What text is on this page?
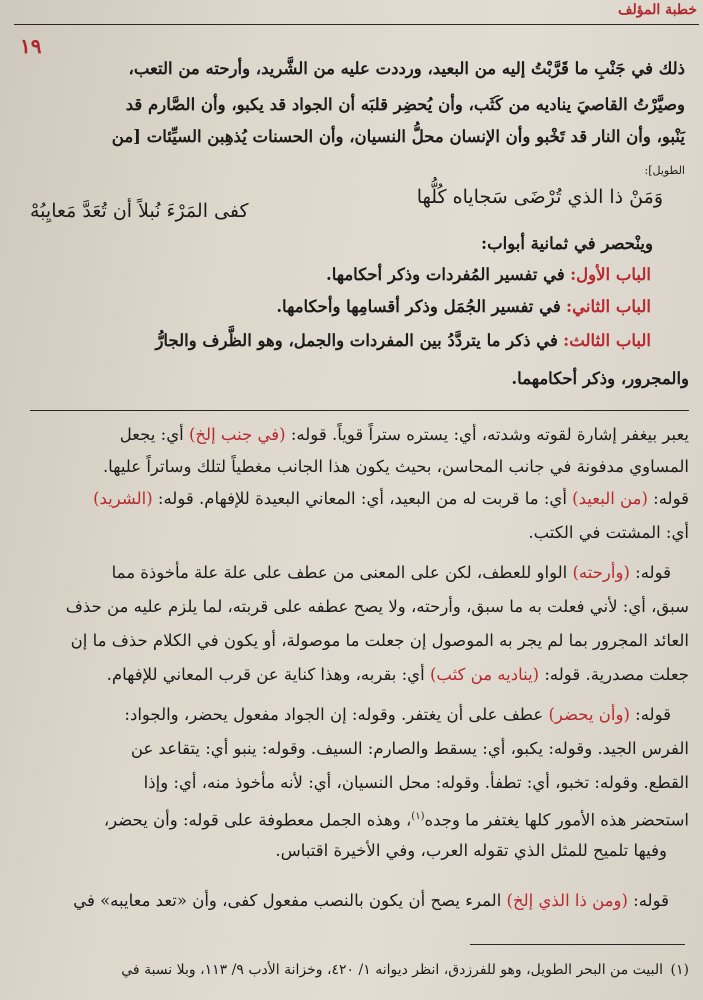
خطبة المؤلف
١٩
ذلك في جَنْبِ ما قَرَّبْتُ إليه من البعيد، ورددت عليه من الشَّريد، وأرحته من التعب،
وصيَّرْتُ القاصيَ يناديه من كَثَب، وأن يُحضِر قلبَه أن الجواد قد يكبو، وأن الصَّارم قد
يَنْبو، وأن النار قد تَخْبو وأن الإنسان محلُّ النسيان، وأن الحسنات يُذهِبن السيِّئات [من
الطويل]:
وَمَنْ ذا الذي تُرْضَى سَجاياه كُلُّها
كفى المَرْءَ نُبلاً أن تُعَدَّ مَعايِبُهْ
وينْحصر في ثمانية أبواب:
الباب الأول: في تفسير المُفردات وذكر أحكامها.
الباب الثاني: في تفسير الجُمَل وذكر أقسامِها وأحكامها.
الباب الثالث: في ذكر ما يتردَّدُ بين المفردات والجمل، وهو الظَّرف والجارُّ
والمجرور، وذكر أحكامهما.
يعبر بيغفر إشارة لقوته وشدته، أي: يستره ستراً قوياً. قوله: (في جنب إلخ) أي: يجعل
المساوي مدفونة في جانب المحاسن، بحيث يكون هذا الجانب مغطياً لتلك وساتراً عليها.
قوله: (من البعيد) أي: ما قربت له من البعيد، أي: المعاني البعيدة للإفهام. قوله: (الشريد)
أي: المشتت في الكتب.
قوله: (وأرحته) الواو للعطف، لكن على المعنى من عطف على علة علة مأخوذة مما
سبق، أي: لأني فعلت به ما سبق، وأرحته، ولا يصح عطفه على قربته، لما يلزم عليه من حذف
العائد المجرور بما لم يجر به الموصول إن جعلت ما موصولة، أو يكون في الكلام حذف ما إن
جعلت مصدرية. قوله: (يناديه من كثب) أي: بقربه، وهذا كناية عن قرب المعاني للإفهام.
قوله: (وأن يحضر) عطف على أن يغتفر. وقوله: إن الجواد مفعول يحضر، والجواد:
الفرس الجيد. وقوله: يكبو، أي: يسقط والصارم: السيف. وقوله: ينبو أي: يتقاعد عن
القطع. وقوله: تخبو، أي: تطفأ. وقوله: محل النسيان، أي: لأنه مأخوذ منه، أي: وإذا
استحضر هذه الأمور كلها يغتفر ما وجده$^{(١)}$، وهذه الجمل معطوفة على قوله: وأن يحضر،
وفيها تلميح للمثل الذي تقوله العرب، وفي الأخيرة اقتباس.
قوله: (ومن ذا الذي إلخ) المرء يصح أن يكون بالنصب مفعول كفى، وأن «تعد معايبه» في
البيت من البحر الطويل، وهو للفرزدق، انظر ديوانه ١/ ٤٢٠، وخزانة الأدب ٩/ ١١٣، وبلا نسبة في (١)
